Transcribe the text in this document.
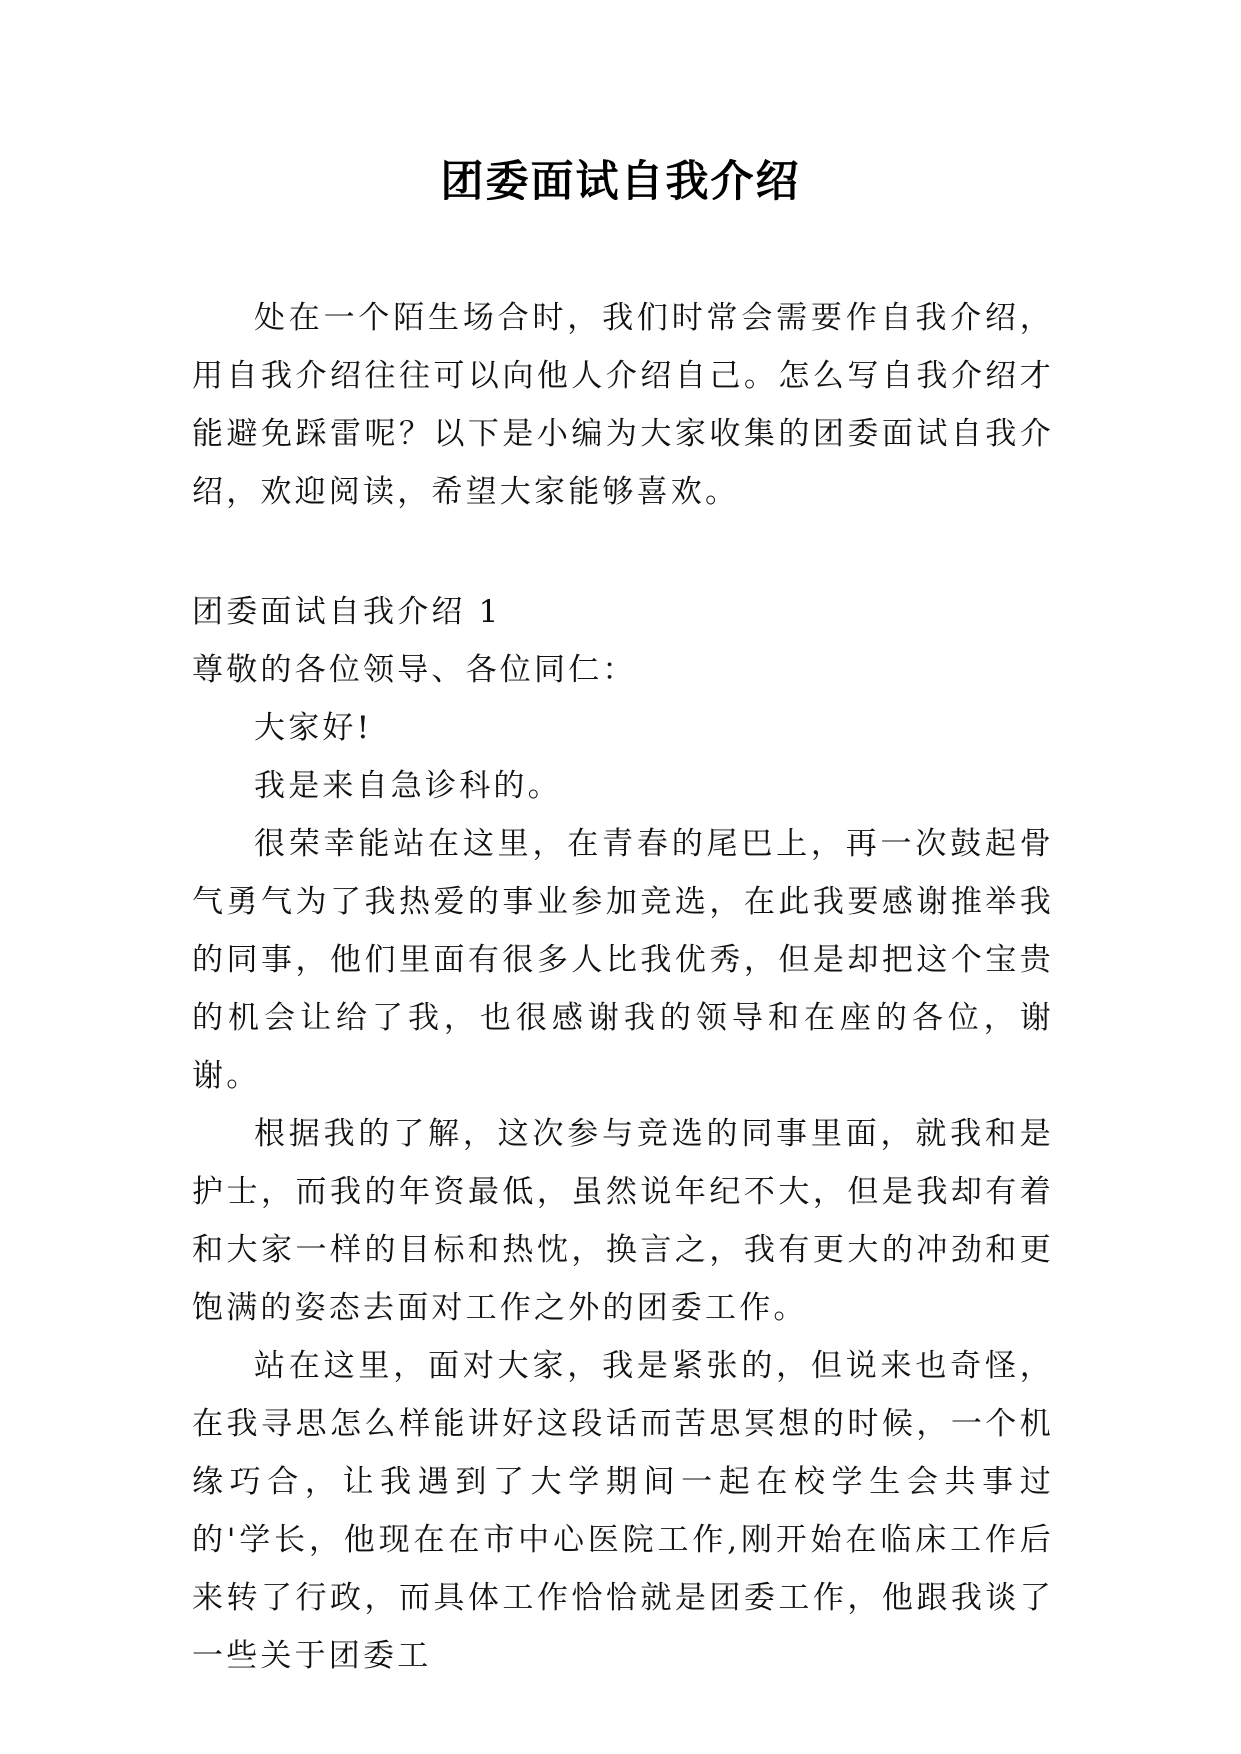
团委面试自我介绍

处在一个陌生场合时，我们时常会需要作自我介绍，用自我介绍往往可以向他人介绍自己。怎么写自我介绍才能避免踩雷呢？以下是小编为大家收集的团委面试自我介绍，欢迎阅读，希望大家能够喜欢。

团委面试自我介绍 1

尊敬的各位领导、各位同仁：

大家好!

我是来自急诊科的。

很荣幸能站在这里，在青春的尾巴上，再一次鼓起骨气勇气为了我热爱的事业参加竞选，在此我要感谢推举我的同事，他们里面有很多人比我优秀，但是却把这个宝贵的机会让给了我，也很感谢我的领导和在座的各位，谢谢。

根据我的了解，这次参与竞选的同事里面，就我和是护士，而我的年资最低，虽然说年纪不大，但是我却有着和大家一样的目标和热忱，换言之，我有更大的冲劲和更饱满的姿态去面对工作之外的团委工作。

站在这里，面对大家，我是紧张的，但说来也奇怪，在我寻思怎么样能讲好这段话而苦思冥想的时候，一个机缘巧合，让我遇到了大学期间一起在校学生会共事过的'学长，他现在在市中心医院工作,刚开始在临床工作后来转了行政，而具体工作恰恰就是团委工作，他跟我谈了一些关于团委工
